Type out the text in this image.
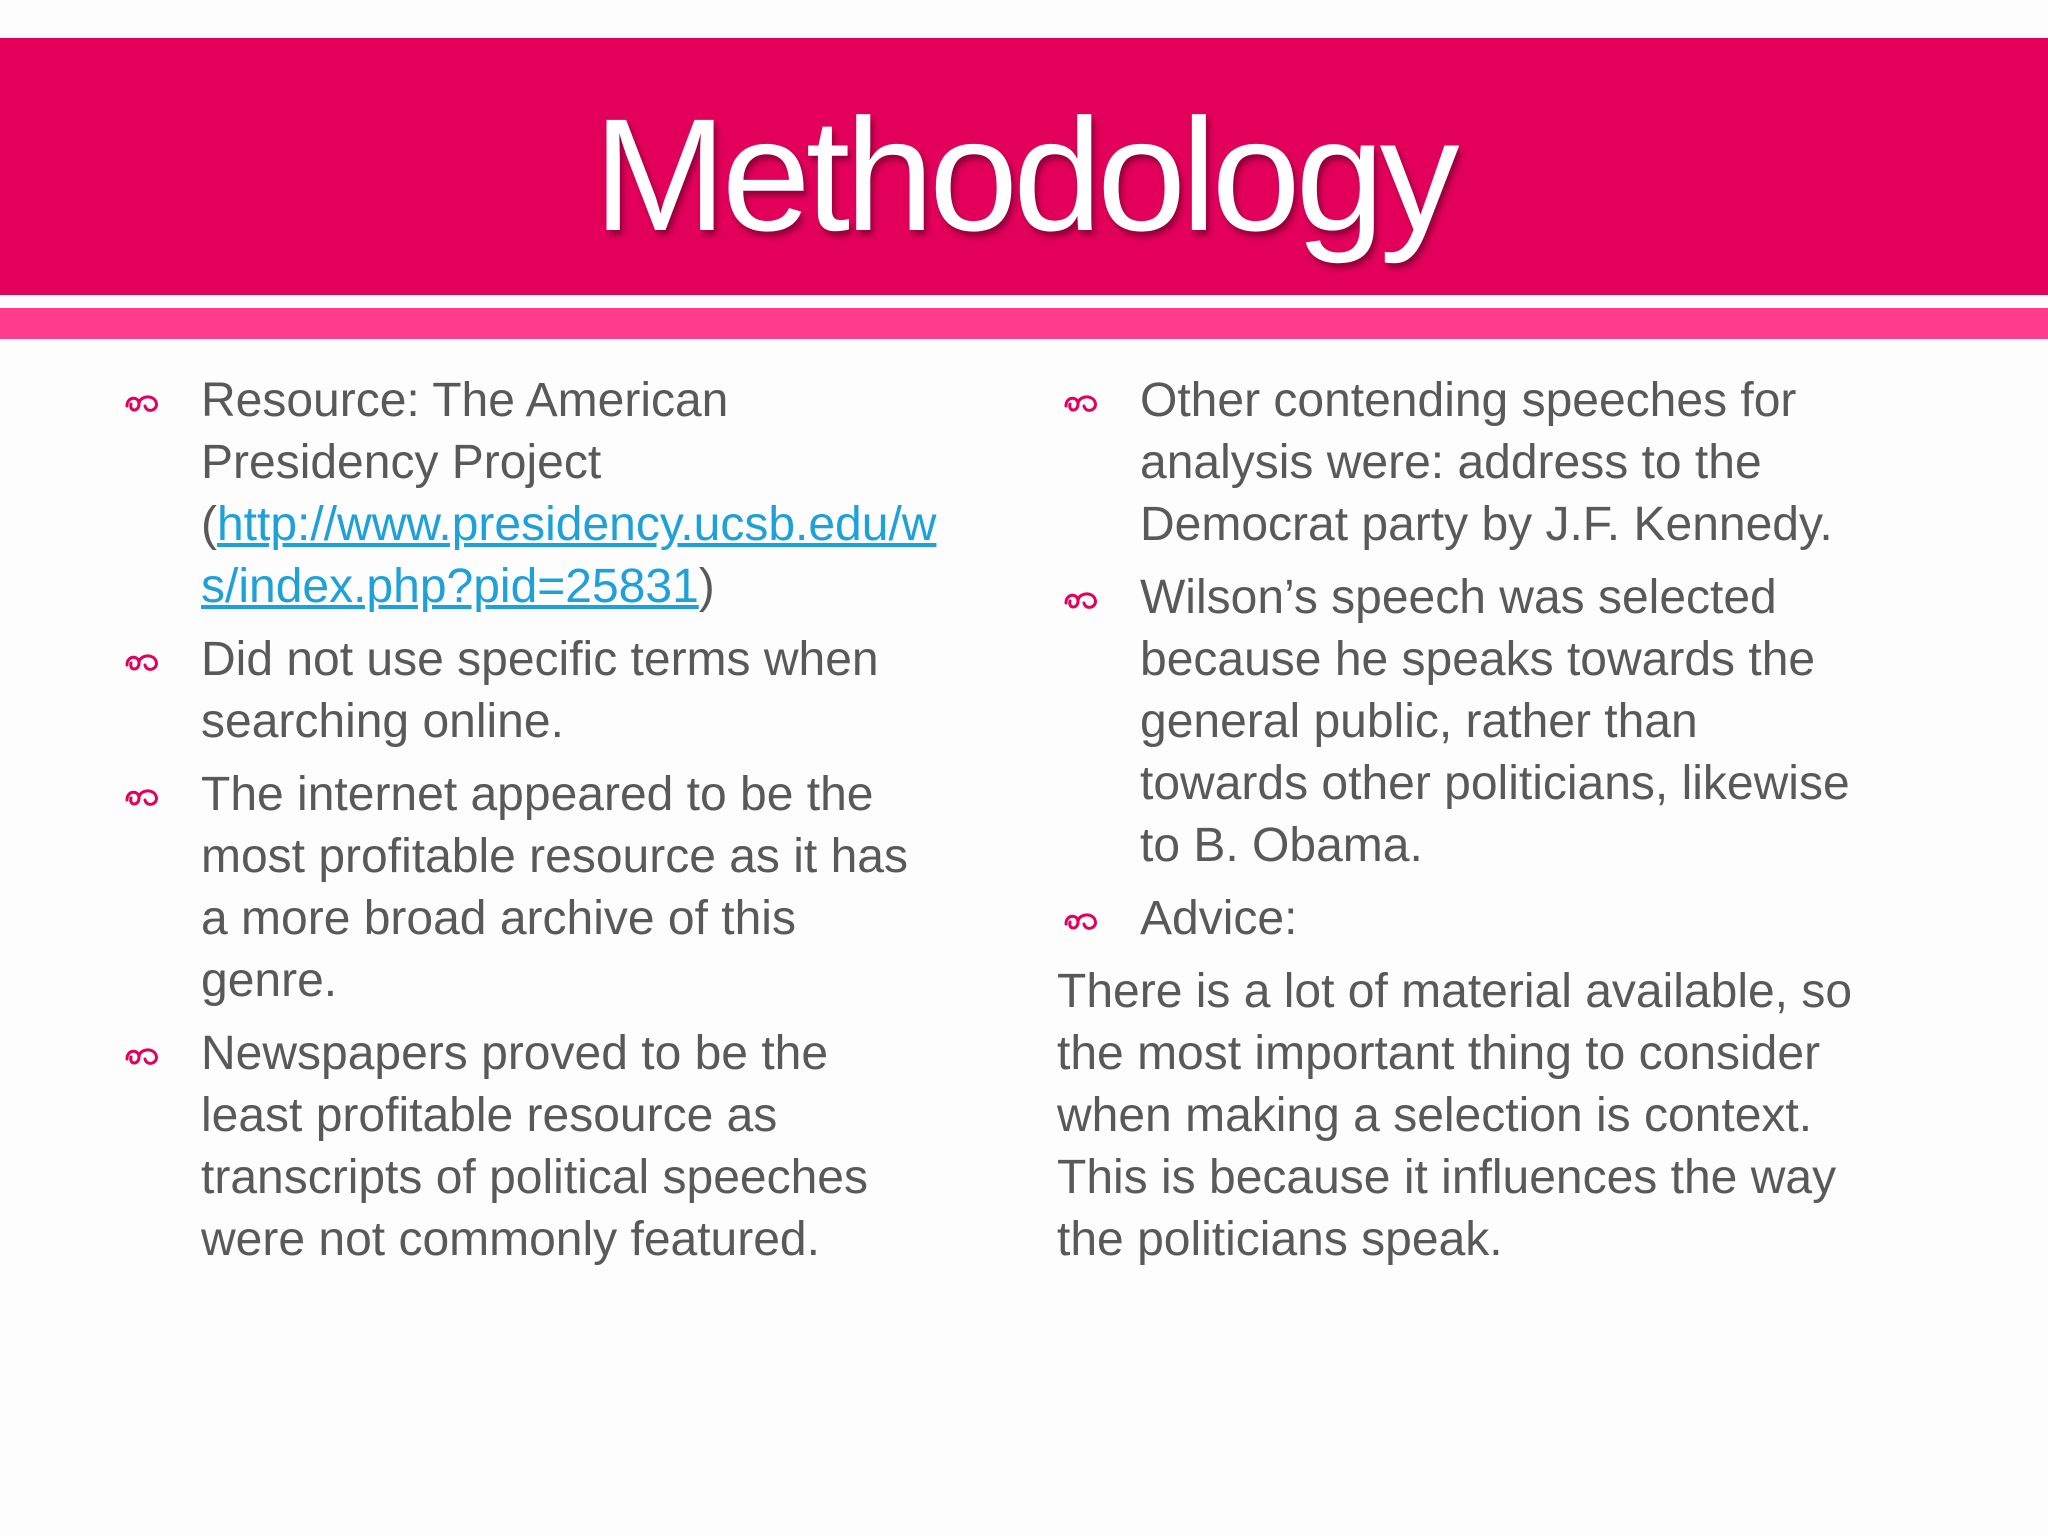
Methodology
Resource: The American
Presidency Project
(http://www.presidency.ucsb.edu/w
s/index.php?pid=25831)
Did not use specific terms when
searching online.
The internet appeared to be the
most profitable resource as it has
a more broad archive of this
genre.
Newspapers proved to be the
least profitable resource as
transcripts of political speeches
were not commonly featured.
Other contending speeches for
analysis were: address to the
Democrat party by J.F. Kennedy.
Wilson’s speech was selected
because he speaks towards the
general public, rather than
towards other politicians, likewise
to B. Obama.
Advice:
There is a lot of material available, so
the most important thing to consider
when making a selection is context.
This is because it influences the way
the politicians speak.
